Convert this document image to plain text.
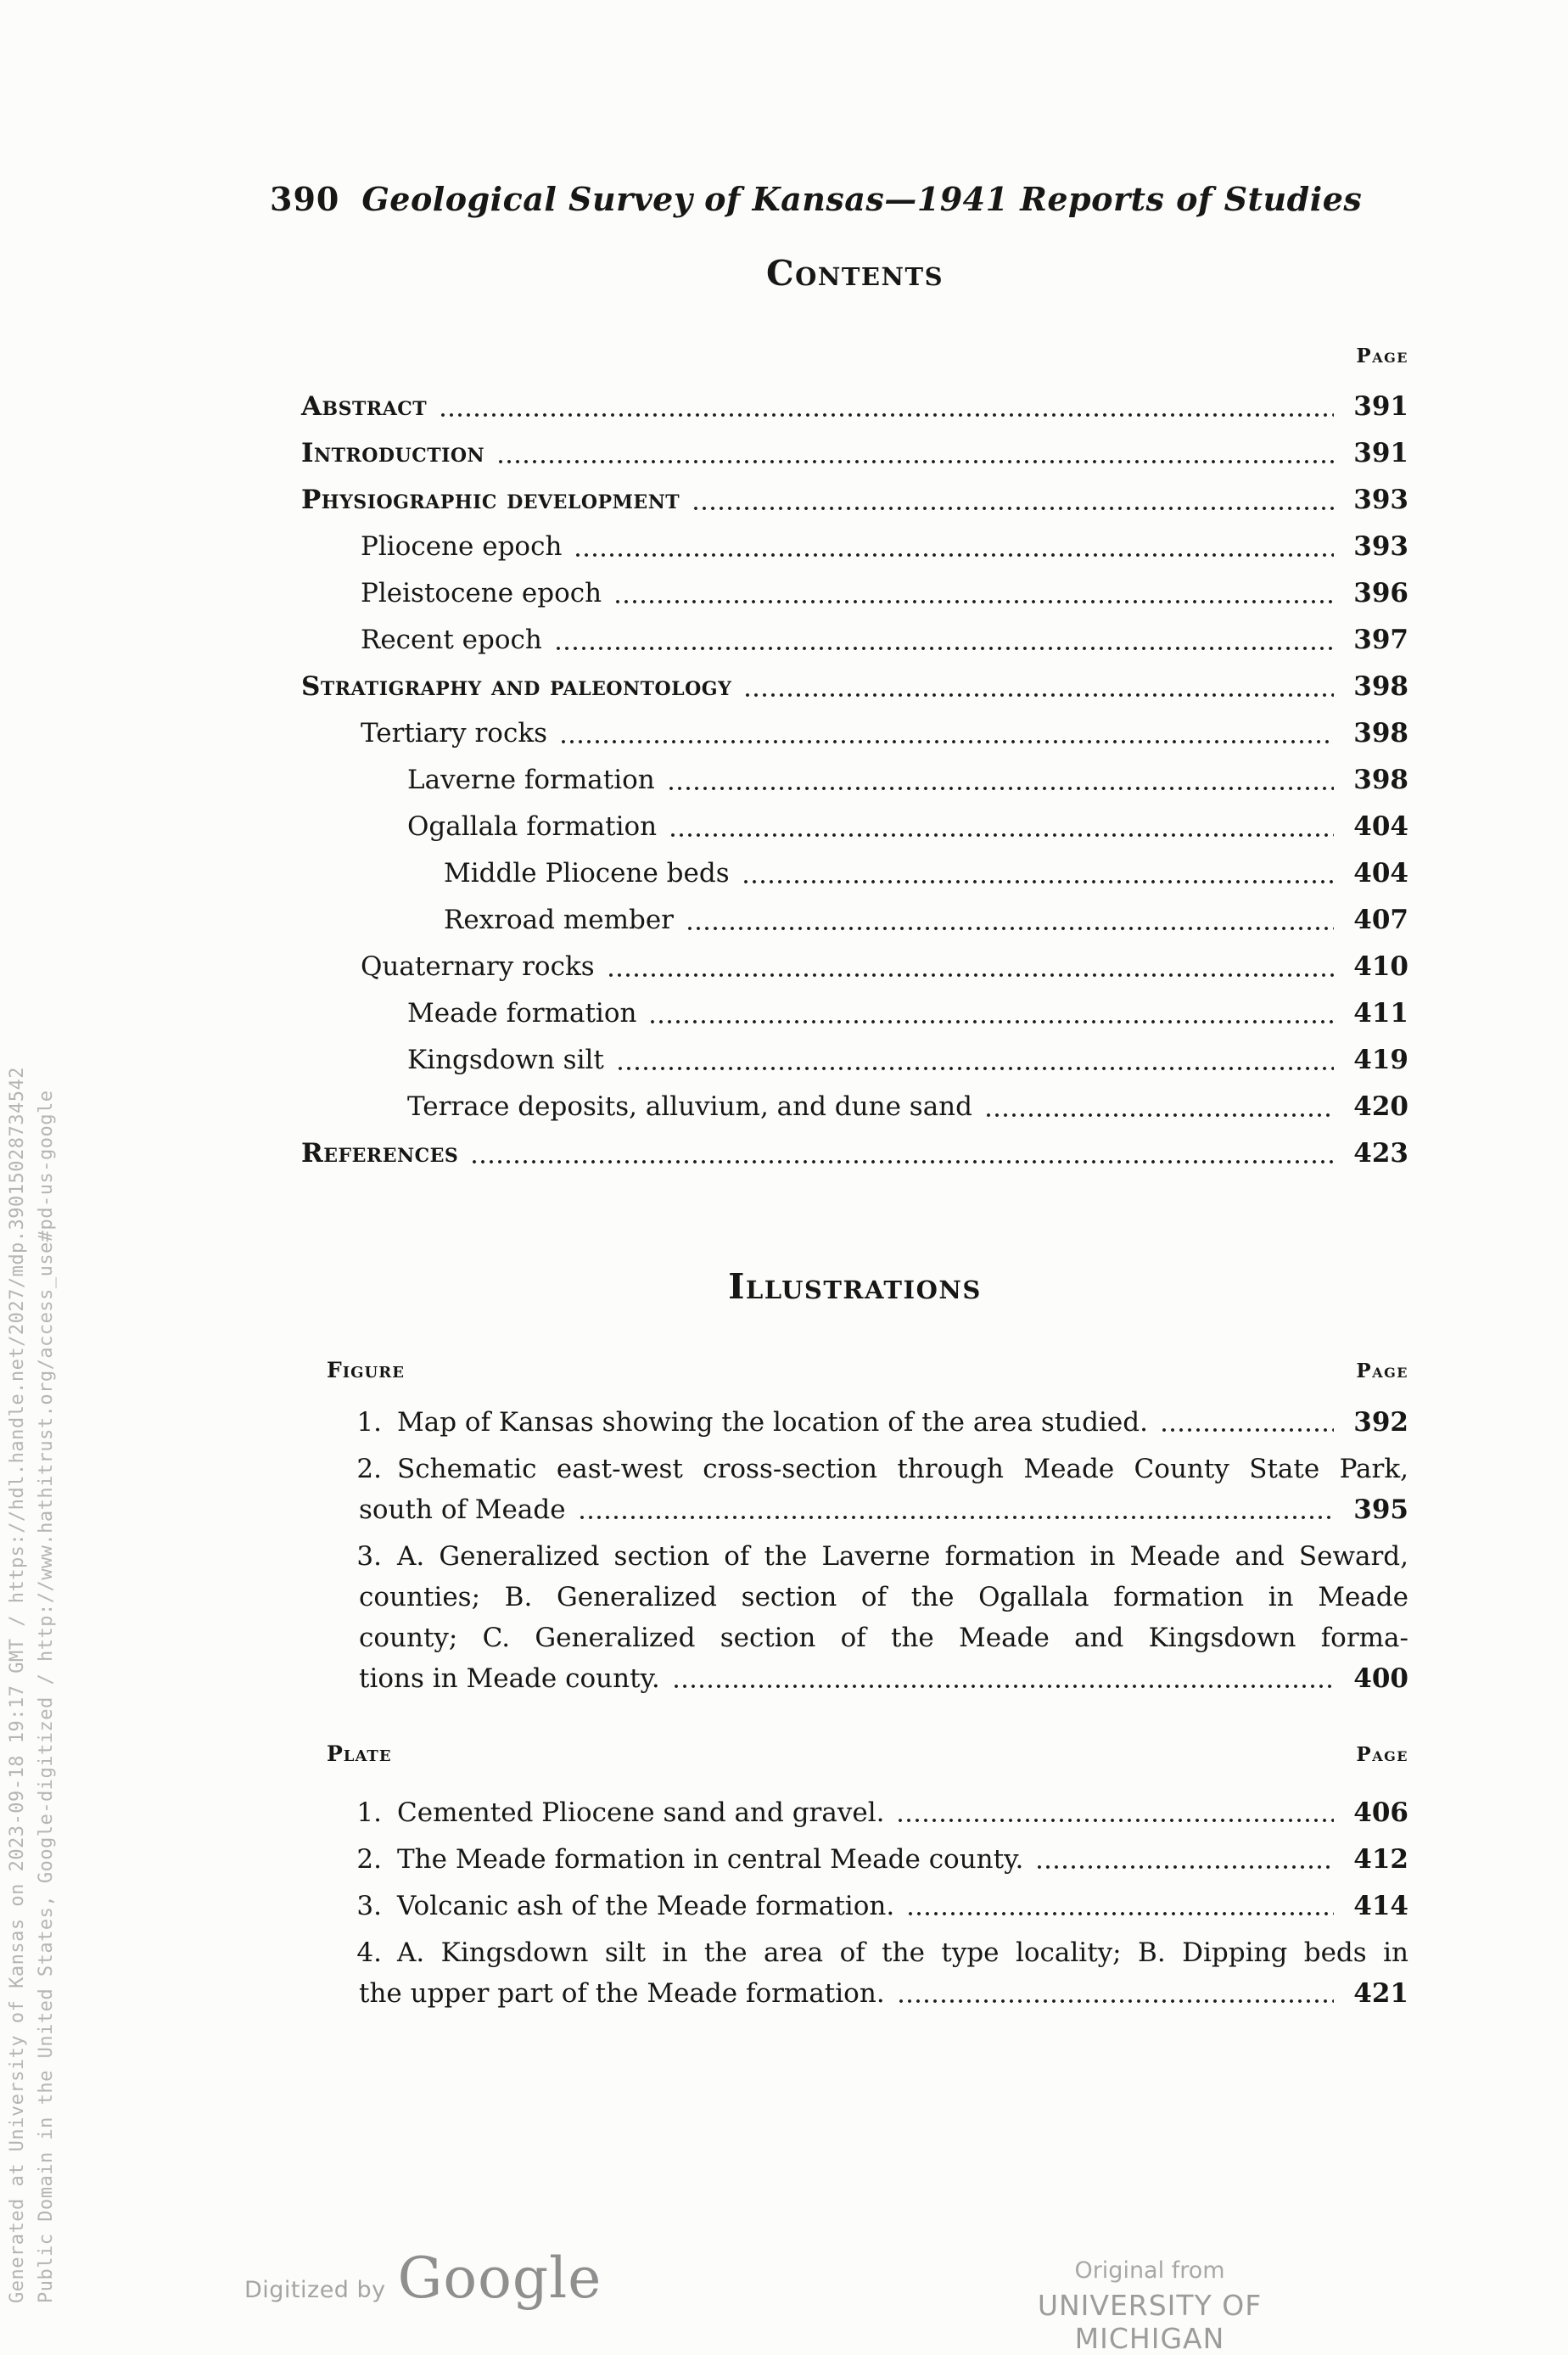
Generated at University of Kansas on 2023-09-18 19:17 GMT / https://hdl.handle.net/2027/mdp.39015028734542 Public Domain in the United States, Google-digitized / http://www.hathitrust.org/access_use#pd-us-google
390 Geological Survey of Kansas—1941 Reports of Studies
Contents
Page
Abstract	391
Introduction	391
Physiographic development	393
Pliocene epoch	393
Pleistocene epoch	396
Recent epoch	397
Stratigraphy and paleontology	398
Tertiary rocks	398
Laverne formation	398
Ogallala formation	404
Middle Pliocene beds	404
Rexroad member	407
Quaternary rocks	410
Meade formation	411
Kingsdown silt	419
Terrace deposits, alluvium, and dune sand	420
References	423
Illustrations
Figure	Page
1. Map of Kansas showing the location of the area studied.	392
2. Schematic east-west cross-section through Meade County State Park,
south of Meade	395
3. A. Generalized section of the Laverne formation in Meade and Seward,
counties; B. Generalized section of the Ogallala formation in Meade
county; C. Generalized section of the Meade and Kingsdown forma-
tions in Meade county.	400
Plate	Page
1. Cemented Pliocene sand and gravel.	406
2. The Meade formation in central Meade county.	412
3. Volcanic ash of the Meade formation.	414
4. A. Kingsdown silt in the area of the type locality; B. Dipping beds in
the upper part of the Meade formation.	421
Digitized by Google	Original from
UNIVERSITY OF MICHIGAN
